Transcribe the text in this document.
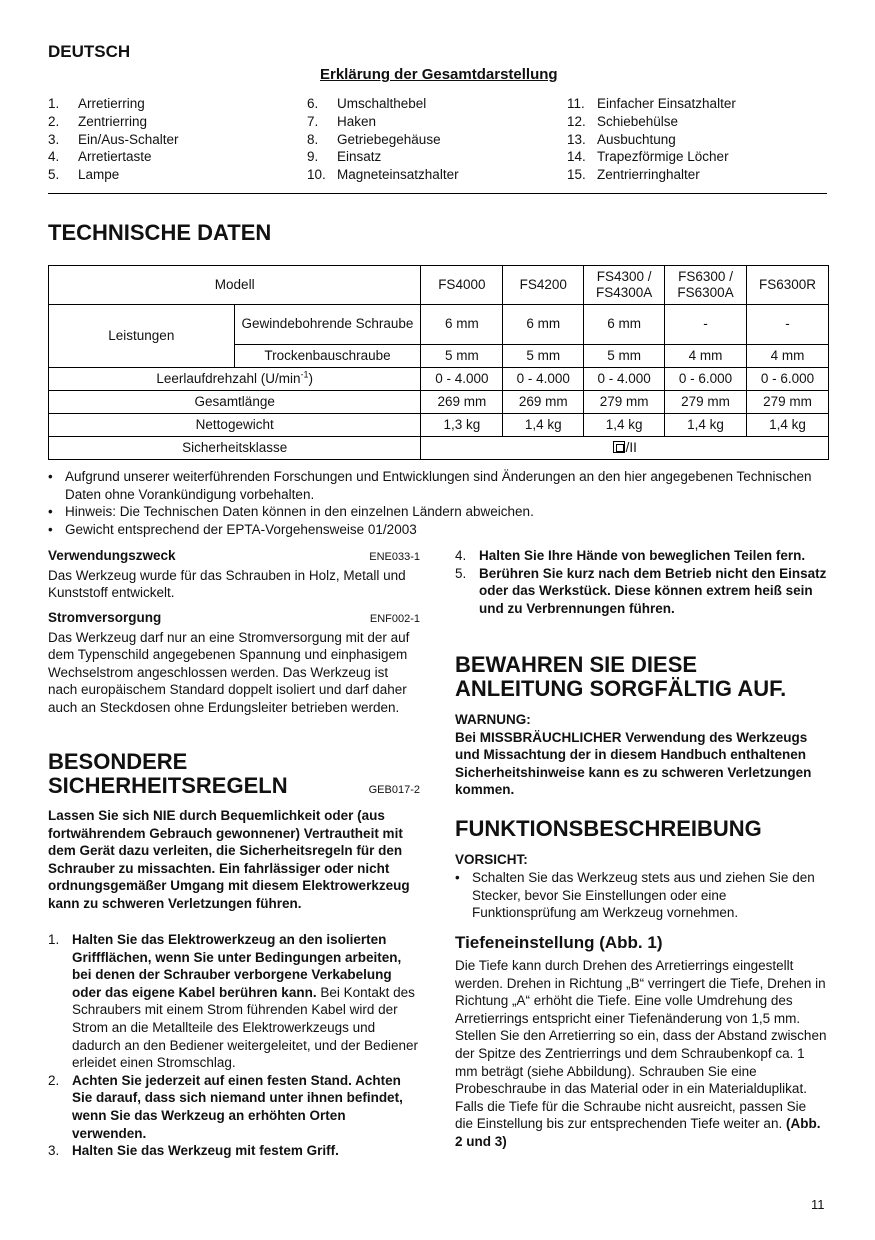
DEUTSCH
Erklärung der Gesamtdarstellung
1.	Arretierring
2.	Zentrierring
3.	Ein/Aus-Schalter
4.	Arretiertaste
5.	Lampe
6.	Umschalthebel
7.	Haken
8.	Getriebegehäuse
9.	Einsatz
10. Magneteinsatzhalter
11. Einfacher Einsatzhalter
12. Schiebehülse
13. Ausbuchtung
14. Trapezförmige Löcher
15. Zentrierringhalter
TECHNISCHE DATEN
Modell		FS4000	FS4200	FS4300 / FS4300A	FS6300 / FS6300A	FS6300R
Leistungen	Gewindebohrende Schraube	6 mm	6 mm	6 mm	-	-
	Trockenbauschraube	5 mm	5 mm	5 mm	4 mm	4 mm
Leerlaufdrehzahl $(U/\min^{-1})$		0 - 4.000	0 - 4.000	0 - 4.000	0 - 6.000	0 - 6.000
Gesamtlänge		269 mm	269 mm	279 mm	279 mm	279 mm
Nettogewicht		1,3 kg	1,4 kg	1,4 kg	1,4 kg	1,4 kg
Sicherheitsklasse		/II				
• Aufgrund unserer weiterführenden Forschungen und Entwicklungen sind Änderungen an den hier angegebenen Technischen Daten ohne Vorankündigung vorbehalten.
• Hinweis: Die Technischen Daten können in den einzelnen Ländern abweichen.
• Gewicht entsprechend der EPTA-Vorgehensweise 01/2003
Verwendungszweck	ENE033-1
Das Werkzeug wurde für das Schrauben in Holz, Metall und Kunststoff entwickelt.
Stromversorgung	ENF002-1
Das Werkzeug darf nur an eine Stromversorgung mit der auf dem Typenschild angegebenen Spannung und einphasigem Wechselstrom angeschlossen werden. Das Werkzeug ist nach europäischem Standard doppelt isoliert und darf daher auch an Steckdosen ohne Erdungsleiter betrieben werden.
BESONDERE
SICHERHEITSREGELN	GEB017-2
Lassen Sie sich NIE durch Bequemlichkeit oder (aus fortwährendem Gebrauch gewonnener) Vertrautheit mit dem Gerät dazu verleiten, die Sicherheitsregeln für den Schrauber zu missachten. Ein fahrlässiger oder nicht ordnungsgemäßer Umgang mit diesem Elektrowerkzeug kann zu schweren Verletzungen führen.
1. Halten Sie das Elektrowerkzeug an den isolierten Griffflächen, wenn Sie unter Bedingungen arbeiten, bei denen der Schrauber verborgene Verkabelung oder das eigene Kabel berühren kann. Bei Kontakt des Schraubers mit einem Strom führenden Kabel wird der Strom an die Metallteile des Elektrowerkzeugs und dadurch an den Bediener weitergeleitet, und der Bediener erleidet einen Stromschlag.
2. Achten Sie jederzeit auf einen festen Stand. Achten Sie darauf, dass sich niemand unter ihnen befindet, wenn Sie das Werkzeug an erhöhten Orten verwenden.
3. Halten Sie das Werkzeug mit festem Griff.
4. Halten Sie Ihre Hände von beweglichen Teilen fern.
5. Berühren Sie kurz nach dem Betrieb nicht den Einsatz oder das Werkstück. Diese können extrem heiß sein und zu Verbrennungen führen.
BEWAHREN SIE DIESE
ANLEITUNG SORGFÄLTIG AUF.
WARNUNG:
Bei MISSBRÄUCHLICHER Verwendung des Werkzeugs und Missachtung der in diesem Handbuch enthaltenen Sicherheitshinweise kann es zu schweren Verletzungen kommen.
FUNKTIONSBESCHREIBUNG
VORSICHT:
• Schalten Sie das Werkzeug stets aus und ziehen Sie den Stecker, bevor Sie Einstellungen oder eine Funktionsprüfung am Werkzeug vornehmen.
Tiefeneinstellung (Abb. 1)
Die Tiefe kann durch Drehen des Arretierrings eingestellt werden. Drehen in Richtung „B“ verringert die Tiefe, Drehen in Richtung „A“ erhöht die Tiefe. Eine volle Umdrehung des Arretierrings entspricht einer Tiefenänderung von 1,5 mm.
Stellen Sie den Arretierring so ein, dass der Abstand zwischen der Spitze des Zentrierrings und dem Schraubenkopf ca. 1 mm beträgt (siehe Abbildung). Schrauben Sie eine Probeschraube in das Material oder in ein Materialduplikat. Falls die Tiefe für die Schraube nicht ausreicht, passen Sie die Einstellung bis zur entsprechenden Tiefe weiter an. (Abb. 2 und 3)
11
